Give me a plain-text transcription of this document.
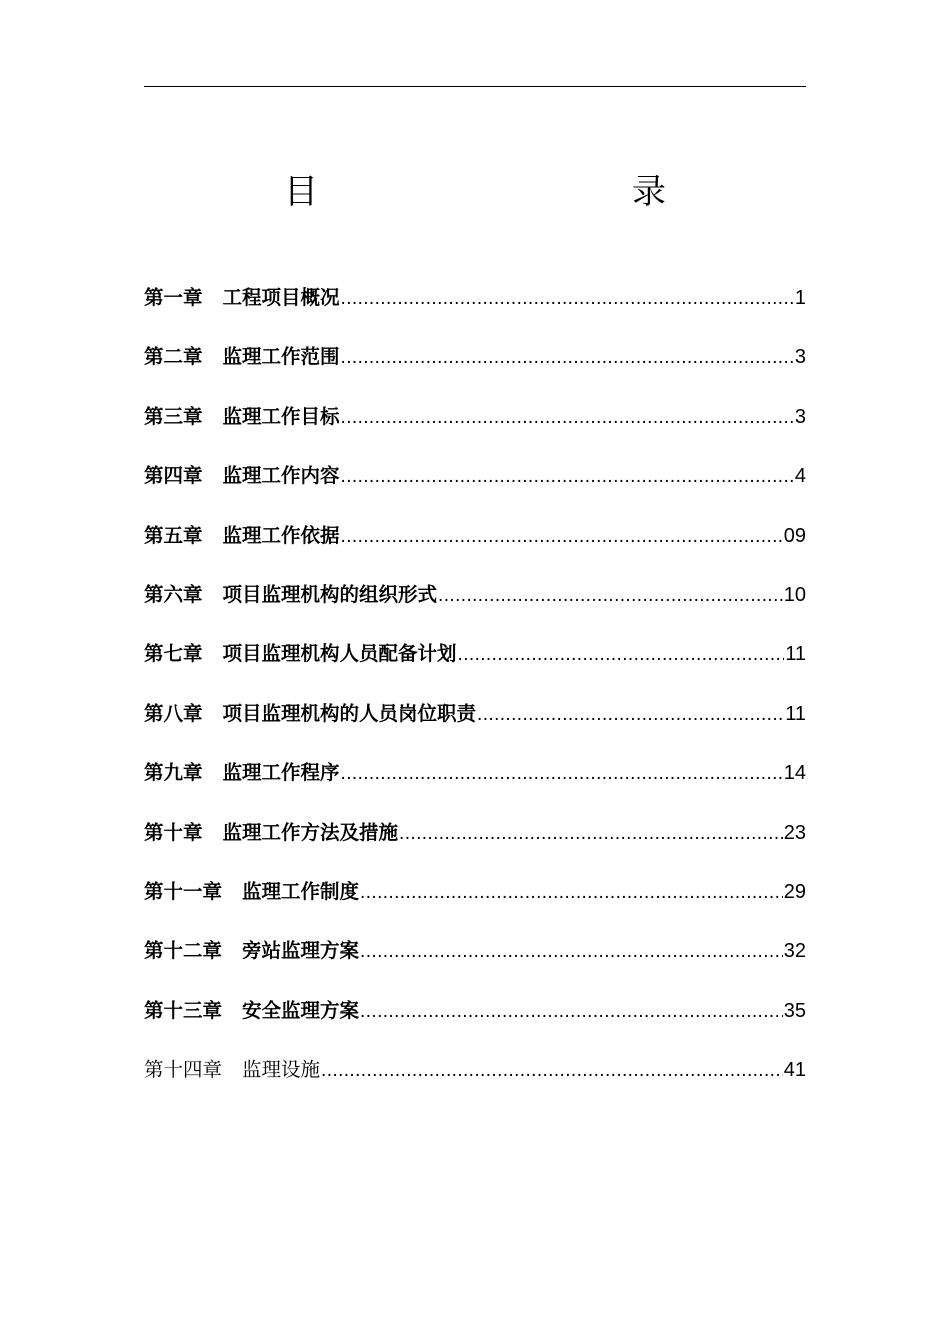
目　　录
第一章 工程项目概况 .....	1
第二章 监理工作范围 .....	3
第三章 监理工作目标 .....	3
第四章 监理工作内容 .....	4
第五章 监理工作依据 .....	09
第六章 项目监理机构的组织形式 .....	10
第七章 项目监理机构人员配备计划 .....	11
第八章 项目监理机构的人员岗位职责 .....	11
第九章 监理工作程序 .....	14
第十章 监理工作方法及措施 .....	23
第十一章 监理工作制度 .....	29
第十二章 旁站监理方案 .....	32
第十三章 安全监理方案 .....	35
第十四章 监理设施 .....	41
